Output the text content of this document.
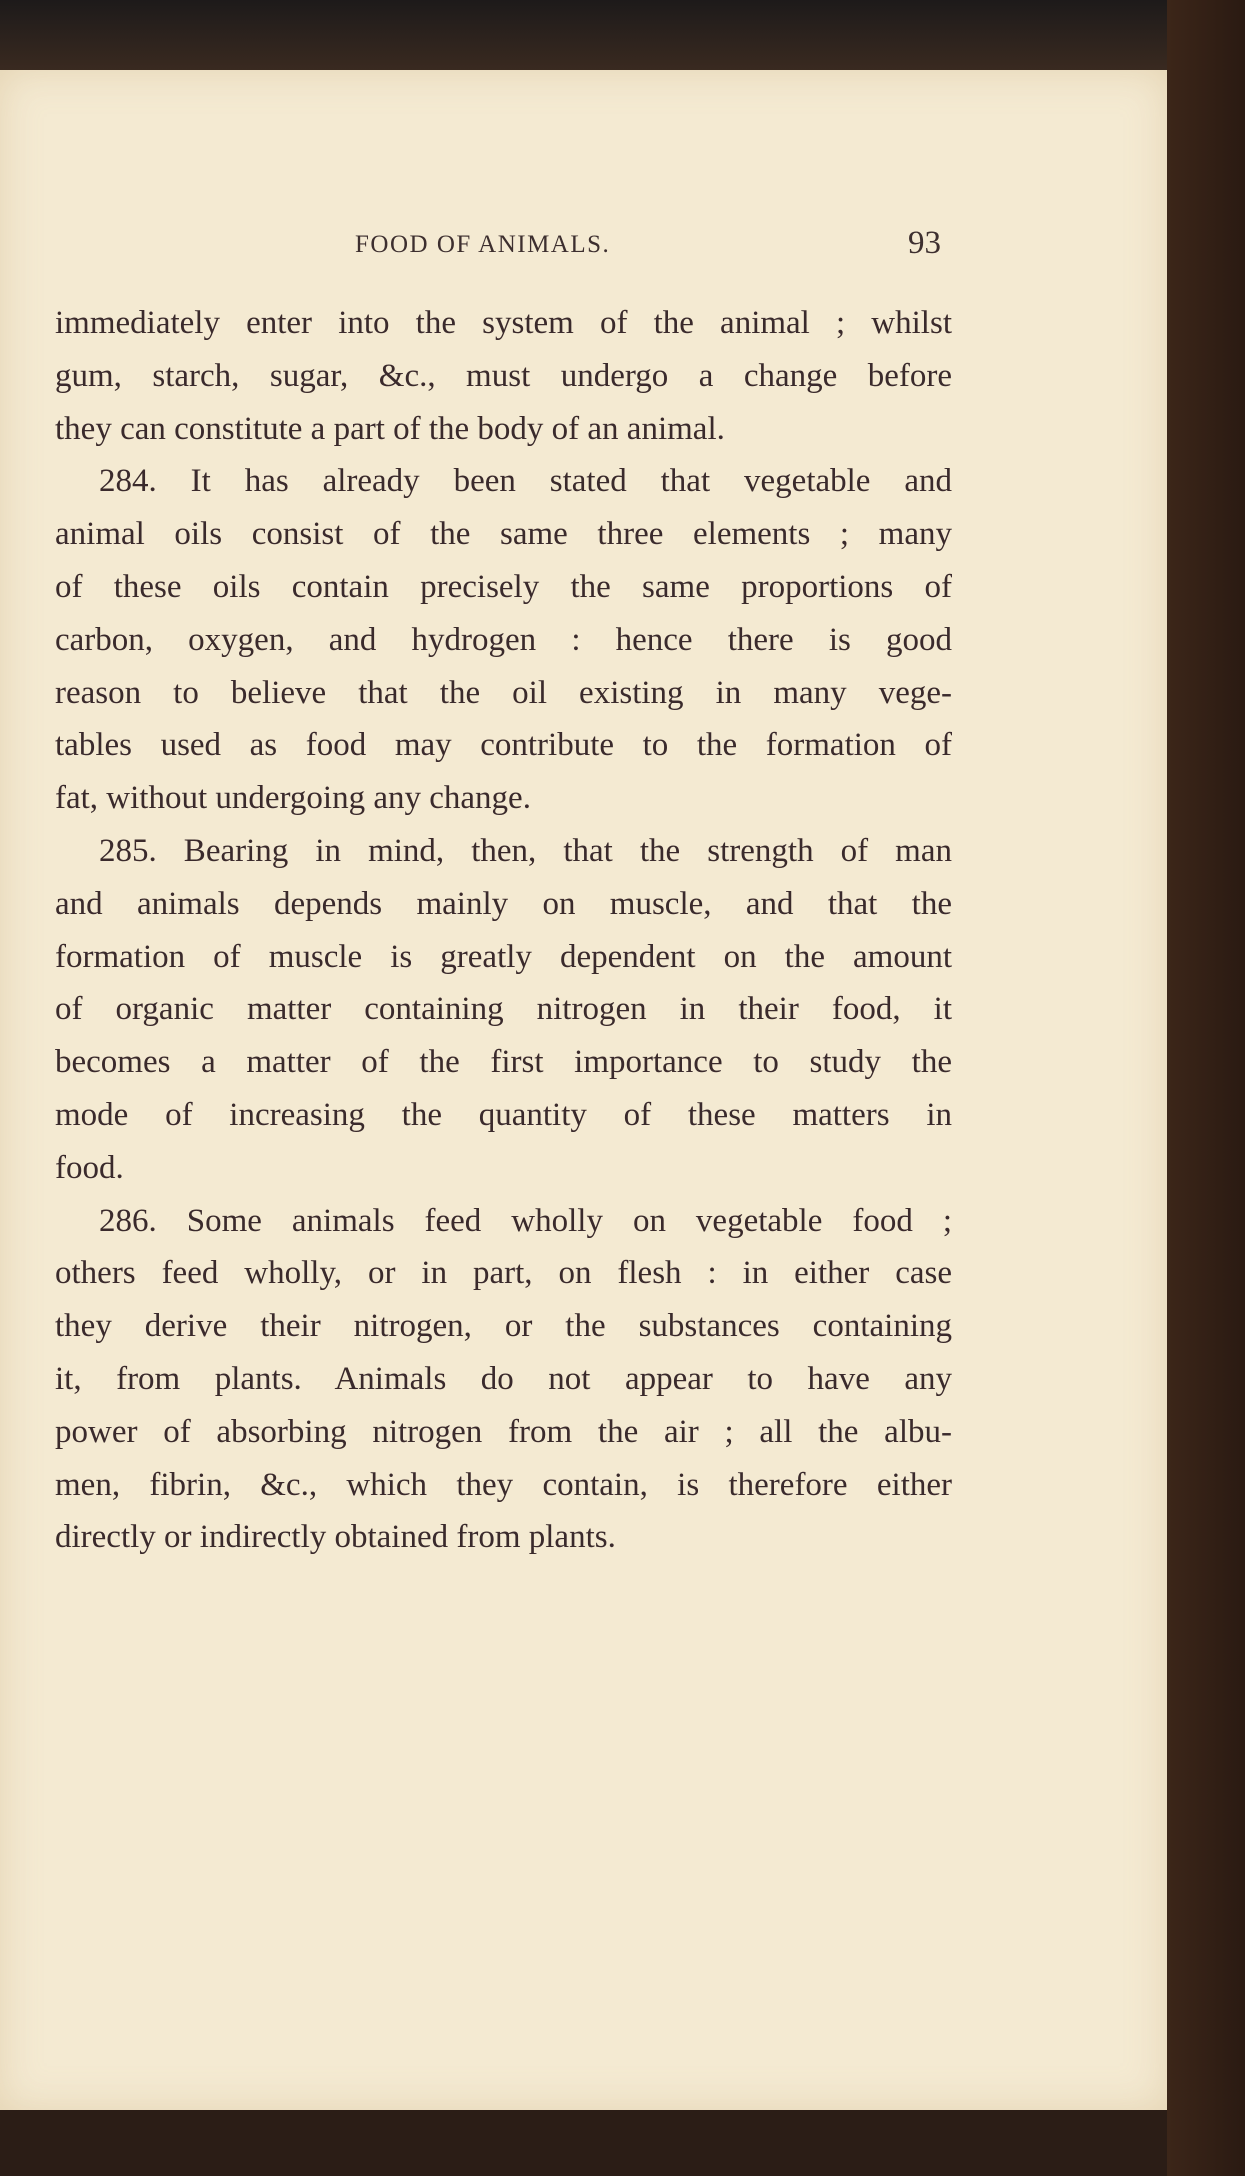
FOOD OF ANIMALS.	93
immediately enter into the system of the animal ; whilst
gum, starch, sugar, &c., must undergo a change before
they can constitute a part of the body of an animal.
284. It has already been stated that vegetable and
animal oils consist of the same three elements ; many
of these oils contain precisely the same proportions of
carbon, oxygen, and hydrogen : hence there is good
reason to believe that the oil existing in many vege-
tables used as food may contribute to the formation of
fat, without undergoing any change.
285. Bearing in mind, then, that the strength of man
and animals depends mainly on muscle, and that the
formation of muscle is greatly dependent on the amount
of organic matter containing nitrogen in their food, it
becomes a matter of the first importance to study the
mode of increasing the quantity of these matters in
food.
286. Some animals feed wholly on vegetable food ;
others feed wholly, or in part, on flesh : in either case
they derive their nitrogen, or the substances containing
it, from plants. Animals do not appear to have any
power of absorbing nitrogen from the air ; all the albu-
men, fibrin, &c., which they contain, is therefore either
directly or indirectly obtained from plants.
